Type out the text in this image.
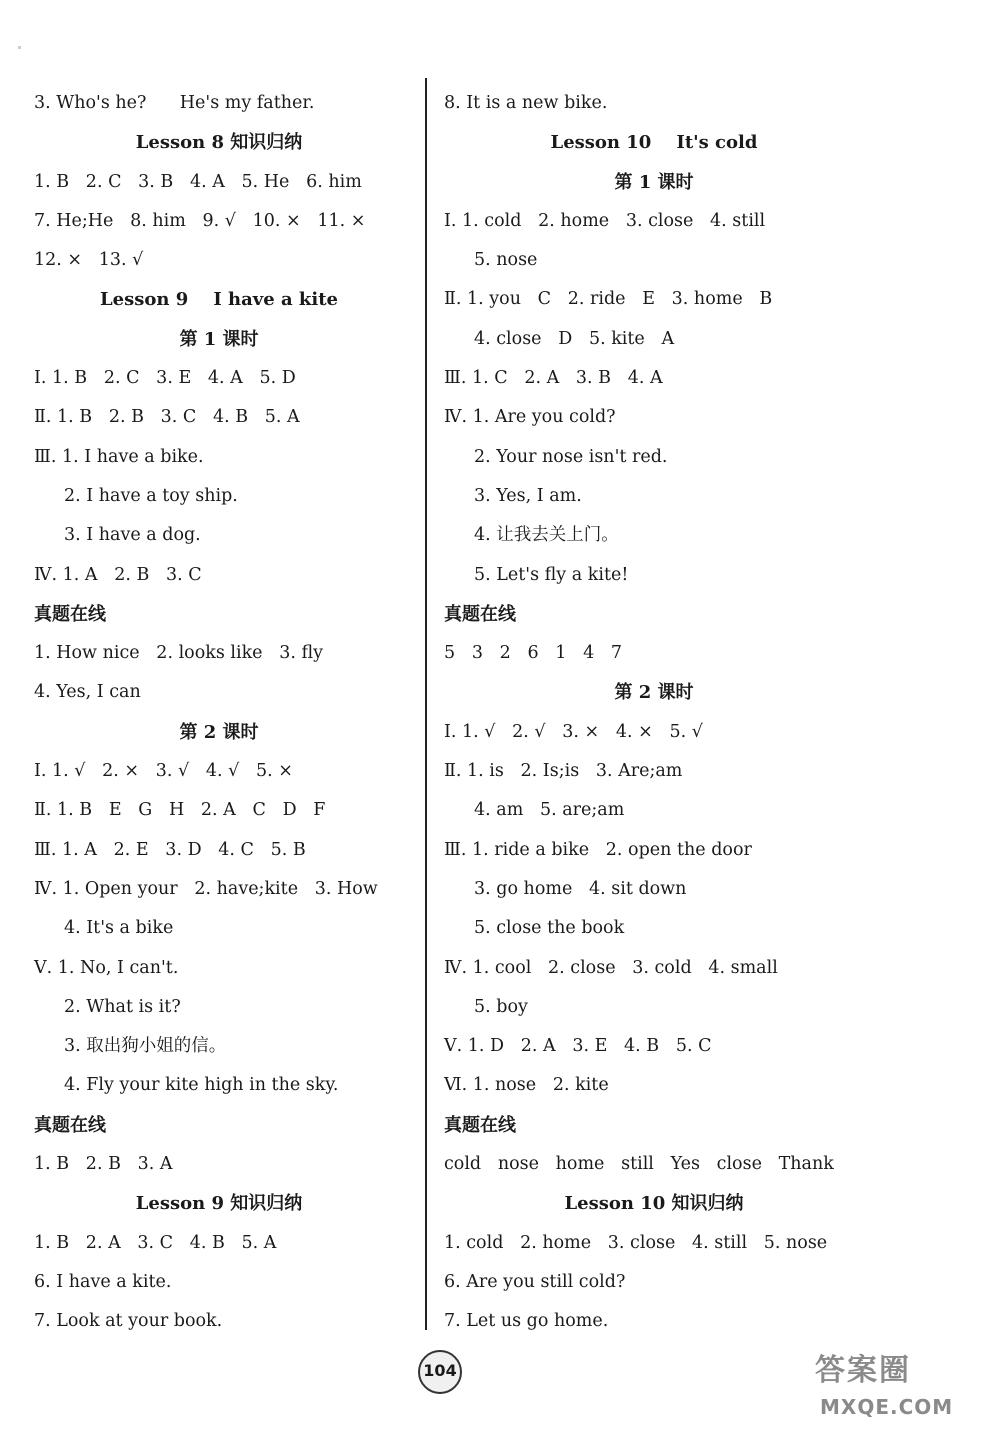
3. Who's he?      He's my father.
Lesson 8 知识归纳
1. B   2. C   3. B   4. A   5. He   6. him
7. He;He   8. him   9. √   10. ×   11. ×
12. ×   13. √
Lesson 9    I have a kite
第 1 课时
Ⅰ. 1. B   2. C   3. E   4. A   5. D
Ⅱ. 1. B   2. B   3. C   4. B   5. A
Ⅲ. 1. I have a bike.
2. I have a toy ship.
3. I have a dog.
Ⅳ. 1. A   2. B   3. C
真题在线
1. How nice   2. looks like   3. fly
4. Yes, I can
第 2 课时
Ⅰ. 1. √   2. ×   3. √   4. √   5. ×
Ⅱ. 1. B   E   G   H   2. A   C   D   F
Ⅲ. 1. A   2. E   3. D   4. C   5. B
Ⅳ. 1. Open your   2. have;kite   3. How
4. It's a bike
Ⅴ. 1. No, I can't.
2. What is it?
3. 取出狗小姐的信。
4. Fly your kite high in the sky.
真题在线
1. B   2. B   3. A
Lesson 9 知识归纳
1. B   2. A   3. C   4. B   5. A
6. I have a kite.
7. Look at your book.
8. It is a new bike.
Lesson 10    It's cold
第 1 课时
Ⅰ. 1. cold   2. home   3. close   4. still
5. nose
Ⅱ. 1. you   C   2. ride   E   3. home   B
4. close   D   5. kite   A
Ⅲ. 1. C   2. A   3. B   4. A
Ⅳ. 1. Are you cold?
2. Your nose isn't red.
3. Yes, I am.
4. 让我去关上门。
5. Let's fly a kite!
真题在线
5   3   2   6   1   4   7
第 2 课时
Ⅰ. 1. √   2. √   3. ×   4. ×   5. √
Ⅱ. 1. is   2. Is;is   3. Are;am
4. am   5. are;am
Ⅲ. 1. ride a bike   2. open the door
3. go home   4. sit down
5. close the book
Ⅳ. 1. cool   2. close   3. cold   4. small
5. boy
Ⅴ. 1. D   2. A   3. E   4. B   5. C
Ⅵ. 1. nose   2. kite
真题在线
cold   nose   home   still   Yes   close   Thank
Lesson 10 知识归纳
1. cold   2. home   3. close   4. still   5. nose
6. Are you still cold?
7. Let us go home.
104	答案圈
MXQE.COM
